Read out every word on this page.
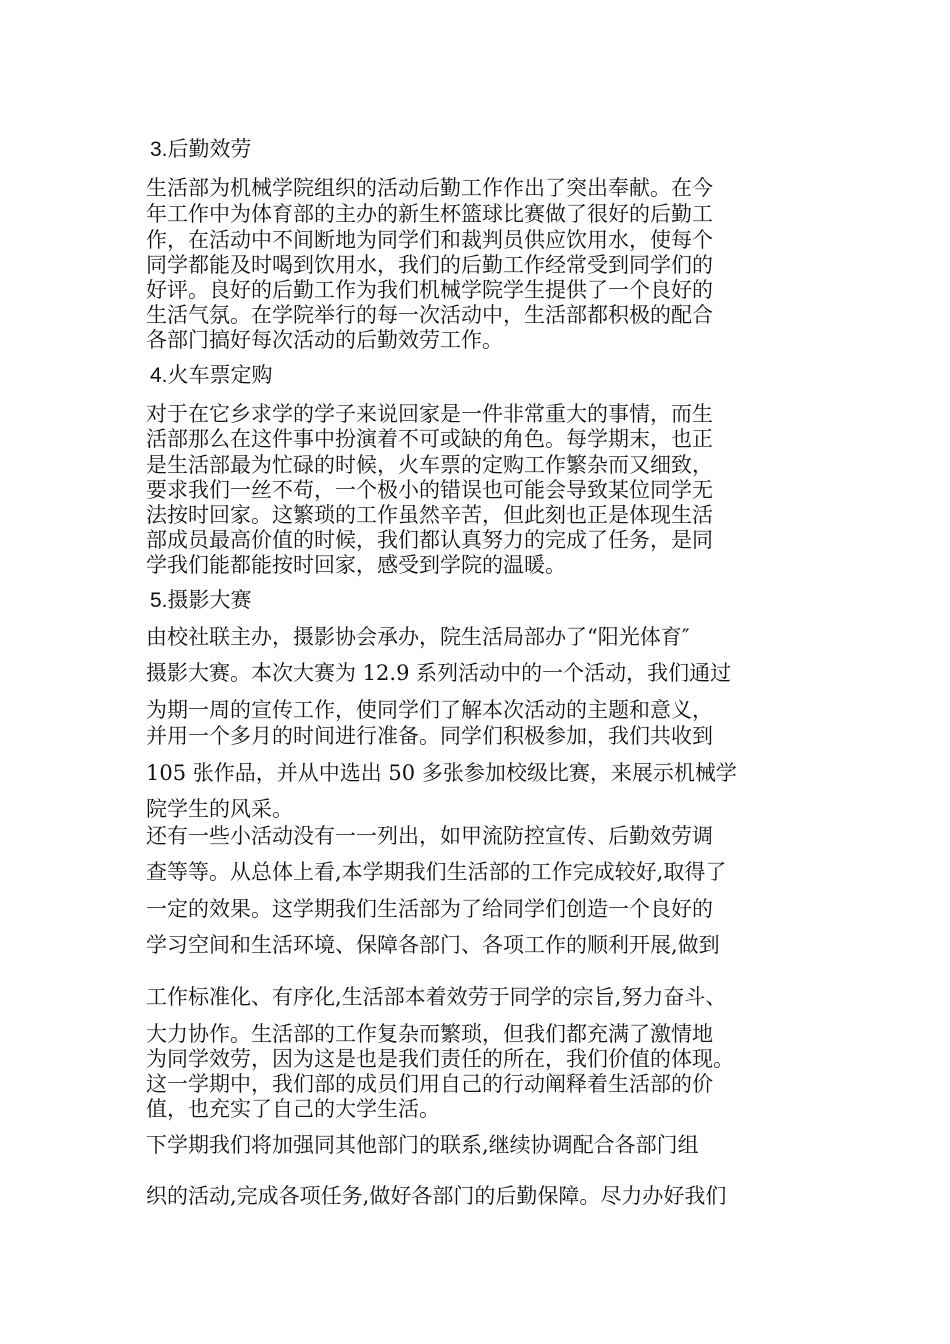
3.后勤效劳
生活部为机械学院组织的活动后勤工作作出了突出奉献。在今
年工作中为体育部的主办的新生杯篮球比赛做了很好的后勤工
作，在活动中不间断地为同学们和裁判员供应饮用水，使每个
同学都能及时喝到饮用水，我们的后勤工作经常受到同学们的
好评。良好的后勤工作为我们机械学院学生提供了一个良好的
生活气氛。在学院举行的每一次活动中，生活部都积极的配合
各部门搞好每次活动的后勤效劳工作。
4.火车票定购
对于在它乡求学的学子来说回家是一件非常重大的事情，而生
活部那么在这件事中扮演着不可或缺的角色。每学期末，也正
是生活部最为忙碌的时候，火车票的定购工作繁杂而又细致，
要求我们一丝不苟，一个极小的错误也可能会导致某位同学无
法按时回家。这繁琐的工作虽然辛苦，但此刻也正是体现生活
部成员最高价值的时候，我们都认真努力的完成了任务，是同
学我们能都能按时回家，感受到学院的温暖。
5.摄影大赛
由校社联主办，摄影协会承办，院生活局部办了“阳光体育″
摄影大赛。本次大赛为 12.9 系列活动中的一个活动，我们通过
为期一周的宣传工作，使同学们了解本次活动的主题和意义，
并用一个多月的时间进行准备。同学们积极参加，我们共收到
105 张作品，并从中选出 50 多张参加校级比赛，来展示机械学
院学生的风采。
还有一些小活动没有一一列出，如甲流防控宣传、后勤效劳调
查等等。从总体上看,本学期我们生活部的工作完成较好,取得了
一定的效果。这学期我们生活部为了给同学们创造一个良好的
学习空间和生活环境、保障各部门、各项工作的顺利开展,做到
工作标准化、有序化,生活部本着效劳于同学的宗旨,努力奋斗、
大力协作。生活部的工作复杂而繁琐，但我们都充满了激情地
为同学效劳，因为这是也是我们责任的所在，我们价值的体现。
这一学期中，我们部的成员们用自己的行动阐释着生活部的价
值，也充实了自己的大学生活。
下学期我们将加强同其他部门的联系,继续协调配合各部门组
织的活动,完成各项任务,做好各部门的后勤保障。尽力办好我们
